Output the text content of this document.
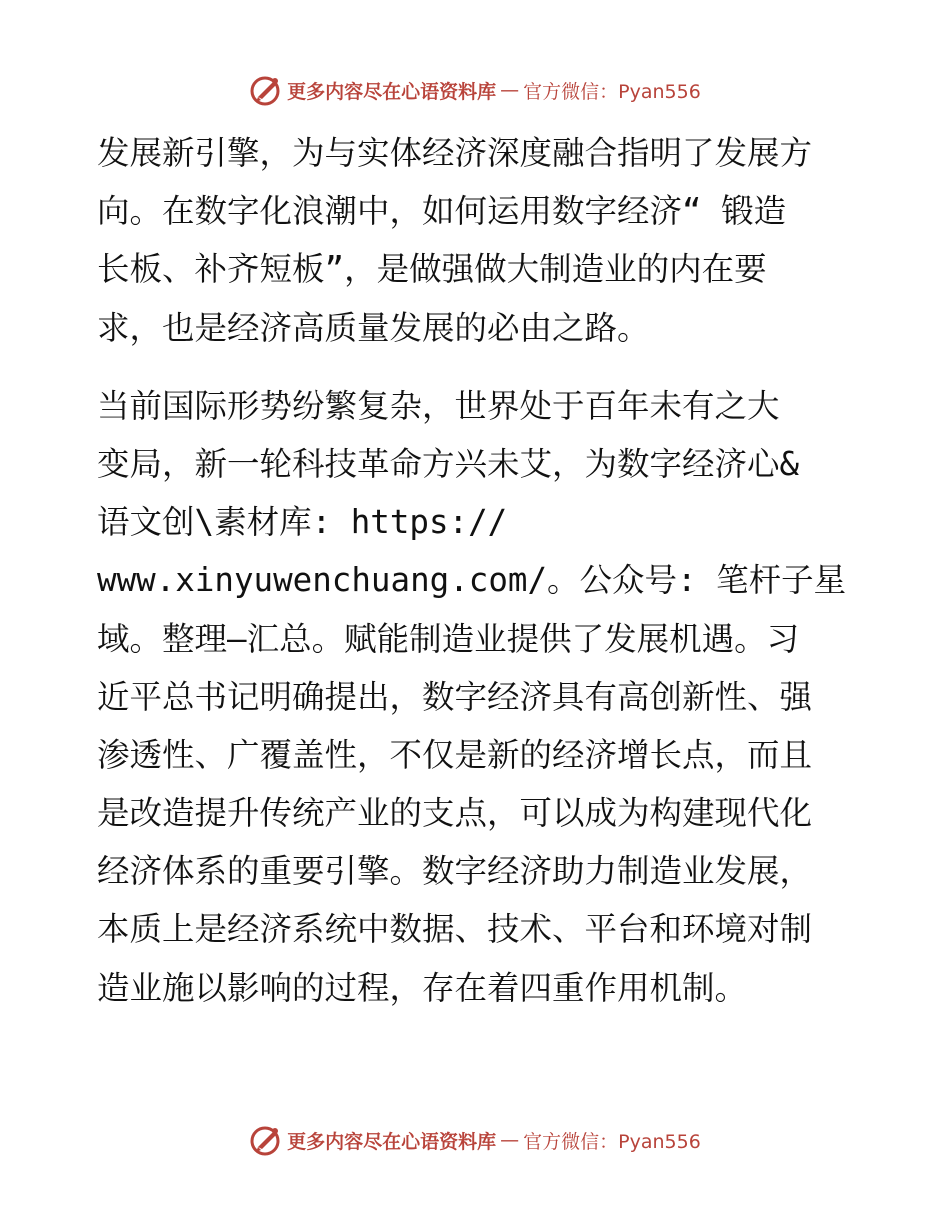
更多内容尽在心语资料库 — 官方微信：Pyan556
发展新引擎，为与实体经济深度融合指明了发展方
向。在数字化浪潮中，如何运用数字经济“ 锻造
长板、补齐短板”，是做强做大制造业的内在要
求，也是经济高质量发展的必由之路。
当前国际形势纷繁复杂，世界处于百年未有之大
变局，新一轮科技革命方兴未艾，为数字经济心&
语文创\素材库: https://
www.xinyuwenchuang.com/。公众号: 笔杆子星
域。整理—汇总。赋能制造业提供了发展机遇。习
近平总书记明确提出，数字经济具有高创新性、强
渗透性、广覆盖性，不仅是新的经济增长点，而且
是改造提升传统产业的支点，可以成为构建现代化
经济体系的重要引擎。数字经济助力制造业发展，
本质上是经济系统中数据、技术、平台和环境对制
造业施以影响的过程，存在着四重作用机制。
更多内容尽在心语资料库 — 官方微信：Pyan556
